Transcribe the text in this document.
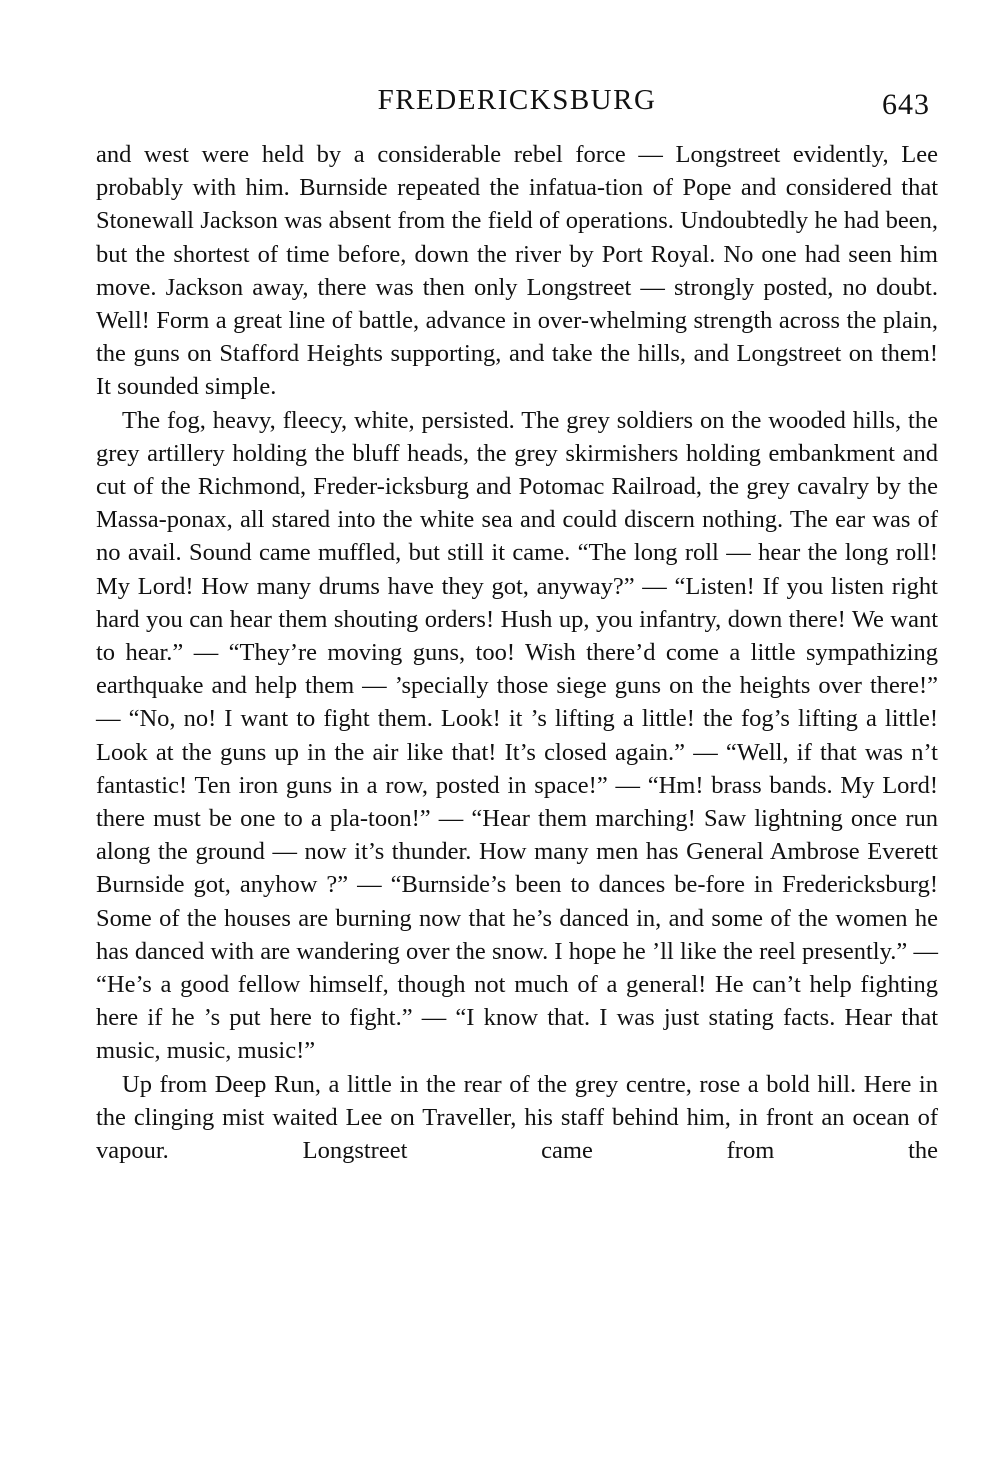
FREDERICKSBURG	643

and west were held by a considerable rebel force — Longstreet evidently, Lee probably with him. Burnside repeated the infatua-tion of Pope and considered that Stonewall Jackson was absent from the field of operations. Undoubtedly he had been, but the shortest of time before, down the river by Port Royal. No one had seen him move. Jackson away, there was then only Longstreet — strongly posted, no doubt. Well! Form a great line of battle, advance in over-whelming strength across the plain, the guns on Stafford Heights supporting, and take the hills, and Longstreet on them! It sounded simple.

The fog, heavy, fleecy, white, persisted. The grey soldiers on the wooded hills, the grey artillery holding the bluff heads, the grey skirmishers holding embankment and cut of the Richmond, Freder-icksburg and Potomac Railroad, the grey cavalry by the Massa-ponax, all stared into the white sea and could discern nothing. The ear was of no avail. Sound came muffled, but still it came. “The long roll — hear the long roll! My Lord! How many drums have they got, anyway?” — “Listen! If you listen right hard you can hear them shouting orders! Hush up, you infantry, down there! We want to hear.” — “They’re moving guns, too! Wish there’d come a little sympathizing earthquake and help them — ’specially those siege guns on the heights over there!” — “No, no! I want to fight them. Look! it ’s lifting a little! the fog’s lifting a little! Look at the guns up in the air like that! It’s closed again.” — “Well, if that was n’t fantastic! Ten iron guns in a row, posted in space!” — “Hm! brass bands. My Lord! there must be one to a pla-toon!” — “Hear them marching! Saw lightning once run along the ground — now it’s thunder. How many men has General Ambrose Everett Burnside got, anyhow ?” — “Burnside’s been to dances be-fore in Fredericksburg! Some of the houses are burning now that he’s danced in, and some of the women he has danced with are wandering over the snow. I hope he ’ll like the reel presently.” — “He’s a good fellow himself, though not much of a general! He can’t help fighting here if he ’s put here to fight.” — “I know that. I was just stating facts. Hear that music, music, music!”

Up from Deep Run, a little in the rear of the grey centre, rose a bold hill. Here in the clinging mist waited Lee on Traveller, his staff behind him, in front an ocean of vapour. Longstreet came from the
